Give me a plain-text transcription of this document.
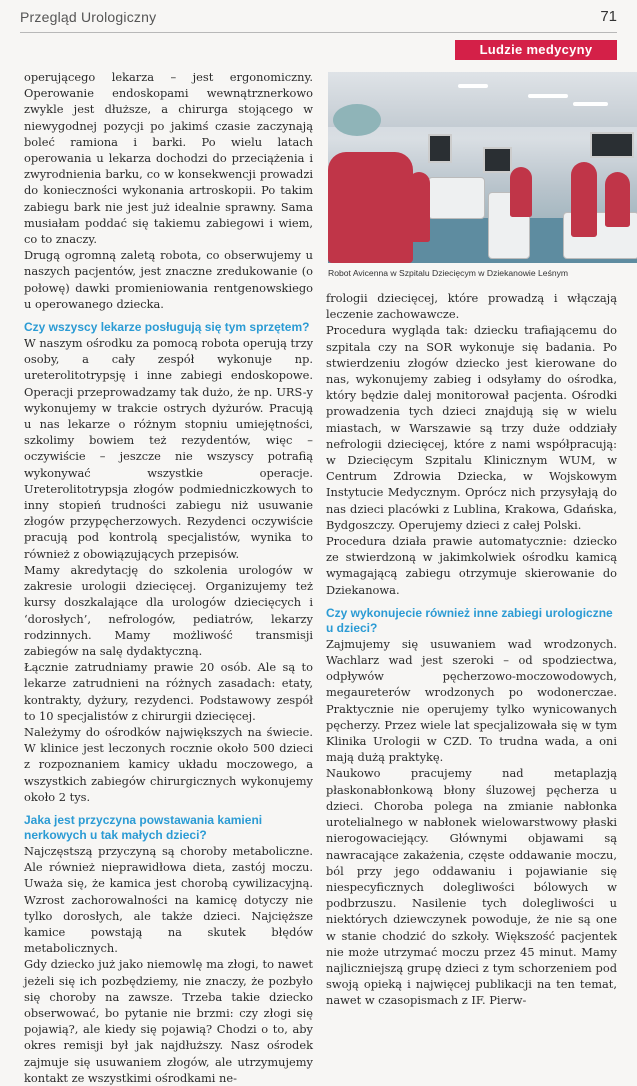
Przegląd Urologiczny	71
Ludzie medycyny

operującego lekarza – jest ergonomiczny. Operowanie endoskopami wewnątrznerkowo zwykle jest dłuższe, a chirurga stojącego w niewygodnej pozycji po jakimś czasie zaczynają boleć ramiona i barki. Po wielu latach operowania u lekarza dochodzi do przeciążenia i zwyrodnienia barku, co w konsekwencji prowadzi do konieczności wykonania artroskopii. Po takim zabiegu bark nie jest już idealnie sprawny. Sama musiałam poddać się takiemu zabiegowi i wiem, co to znaczy.

Drugą ogromną zaletą robota, co obserwujemy u naszych pacjentów, jest znaczne zredukowanie (o połowę) dawki promieniowania rentgenowskiego u operowanego dziecka.

Czy wszyscy lekarze posługują się tym sprzętem?

W naszym ośrodku za pomocą robota operują trzy osoby, a cały zespół wykonuje np. ureterolitotrypsję i inne zabiegi endoskopowe. Operacji przeprowadzamy tak dużo, że np. URS-y wykonujemy w trakcie ostrych dyżurów. Pracują u nas lekarze o różnym stopniu umiejętności, szkolimy bowiem też rezydentów, więc – oczywiście – jeszcze nie wszyscy potrafią wykonywać wszystkie operacje. Ureterolitotrypsja złogów podmiedniczkowych to inny stopień trudności zabiegu niż usuwanie złogów przypęcherzowych. Rezydenci oczywiście pracują pod kontrolą specjalistów, wynika to również z obowiązujących przepisów.

Mamy akredytację do szkolenia urologów w zakresie urologii dziecięcej. Organizujemy też kursy doszkalające dla urologów dziecięcych i ‘dorosłych’, nefrologów, pediatrów, lekarzy rodzinnych. Mamy możliwość transmisji zabiegów na salę dydaktyczną.

Łącznie zatrudniamy prawie 20 osób. Ale są to lekarze zatrudnieni na różnych zasadach: etaty, kontrakty, dyżury, rezydenci. Podstawowy zespół to 10 specjalistów z chirurgii dziecięcej.

Należymy do ośrodków największych na świecie. W klinice jest leczonych rocznie około 500 dzieci z rozpoznaniem kamicy układu moczowego, a wszystkich zabiegów chirurgicznych wykonujemy około 2 tys.

Jaka jest przyczyna powstawania kamieni nerkowych u tak małych dzieci?

Najczęstszą przyczyną są choroby metaboliczne. Ale również nieprawidłowa dieta, zastój moczu. Uważa się, że kamica jest chorobą cywilizacyjną. Wzrost zachorowalności na kamicę dotyczy nie tylko dorosłych, ale także dzieci. Najcięższe kamice powstają na skutek błędów metabolicznych.

Gdy dziecko już jako niemowlę ma złogi, to nawet jeżeli się ich pozbędziemy, nie znaczy, że pozbyło się choroby na zawsze. Trzeba takie dziecko obserwować, bo pytanie nie brzmi: czy złogi się pojawią?, ale kiedy się pojawią? Chodzi o to, aby okres remisji był jak najdłuższy. Nasz ośrodek zajmuje się usuwaniem złogów, ale utrzymujemy kontakt ze wszystkimi ośrodkami ne-

Robot Avicenna w Szpitalu Dziecięcym w Dziekanowie Leśnym

frologii dziecięcej, które prowadzą i włączają leczenie zachowawcze.

Procedura wygląda tak: dziecku trafiającemu do szpitala czy na SOR wykonuje się badania. Po stwierdzeniu złogów dziecko jest kierowane do nas, wykonujemy zabieg i odsyłamy do ośrodka, który będzie dalej monitorował pacjenta. Ośrodki prowadzenia tych dzieci znajdują się w wielu miastach, w Warszawie są trzy duże oddziały nefrologii dziecięcej, które z nami współpracują: w Dziecięcym Szpitalu Klinicznym WUM, w Centrum Zdrowia Dziecka, w Wojskowym Instytucie Medycznym. Oprócz nich przysyłają do nas dzieci placówki z Lublina, Krakowa, Gdańska, Bydgoszczy. Operujemy dzieci z całej Polski.

Procedura działa prawie automatycznie: dziecko ze stwierdzoną w jakimkolwiek ośrodku kamicą wymagającą zabiegu otrzymuje skierowanie do Dziekanowa.

Czy wykonujecie również inne zabiegi urologiczne u dzieci?

Zajmujemy się usuwaniem wad wrodzonych. Wachlarz wad jest szeroki – od spodziectwa, odpływów pęcherzowo-moczowodowych, megaureterów wrodzonych po wodonerczae. Praktycznie nie operujemy tylko wynicowanych pęcherzy. Przez wiele lat specjalizowała się w tym Klinika Urologii w CZD. To trudna wada, a oni mają dużą praktykę.

Naukowo pracujemy nad metaplazją płaskonabłonkową błony śluzowej pęcherza u dzieci. Choroba polega na zmianie nabłonka urotelialnego w nabłonek wielowarstwowy płaski nierogowaciejący. Głównymi objawami są nawracające zakażenia, częste oddawanie moczu, ból przy jego oddawaniu i pojawianie się niespecyficznych dolegliwości bólowych w podbrzuszu. Nasilenie tych dolegliwości u niektórych dziewczynek powoduje, że nie są one w stanie chodzić do szkoły. Większość pacjentek nie może utrzymać moczu przez 45 minut. Mamy najliczniejszą grupę dzieci z tym schorzeniem pod swoją opieką i najwięcej publikacji na ten temat, nawet w czasopismach z IF. Pierw-
